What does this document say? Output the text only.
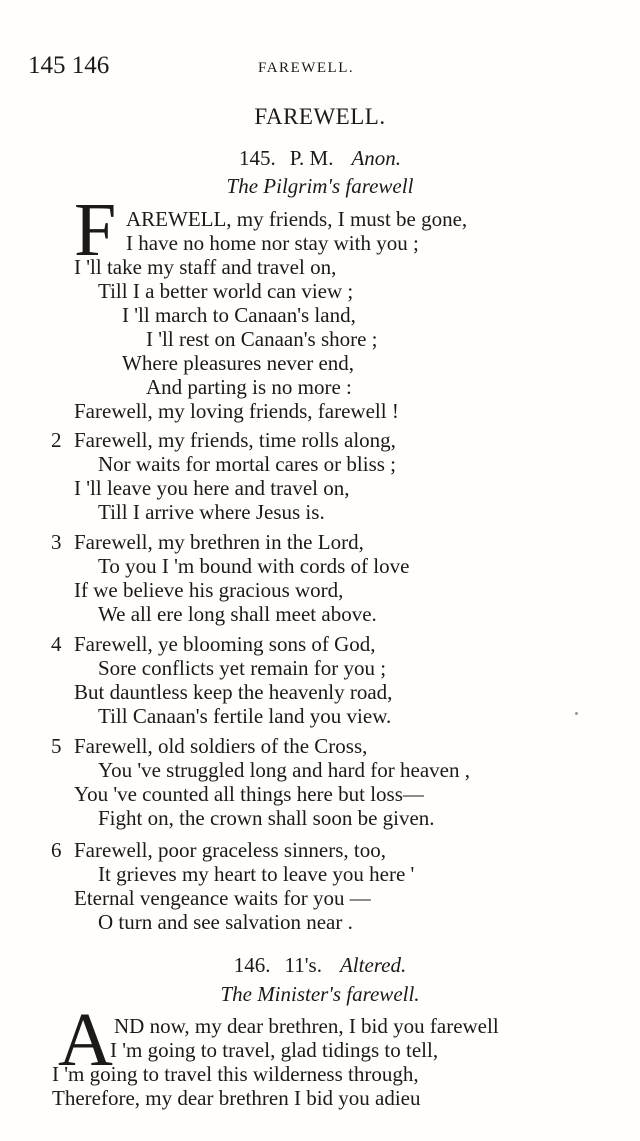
145 146	FAREWELL.
FAREWELL.
145. P. M. Anon.
The Pilgrim's farewell
F AREWELL, my friends, I must be gone,
I have no home nor stay with you ;
I 'll take my staff and travel on,
Till I a better world can view ;
I 'll march to Canaan's land,
I 'll rest on Canaan's shore ;
Where pleasures never end,
And parting is no more :
Farewell, my loving friends, farewell !
2 Farewell, my friends, time rolls along,
Nor waits for mortal cares or bliss ;
I 'll leave you here and travel on,
Till I arrive where Jesus is.
3 Farewell, my brethren in the Lord,
To you I 'm bound with cords of love
If we believe his gracious word,
We all ere long shall meet above.
4 Farewell, ye blooming sons of God,
Sore conflicts yet remain for you ;
But dauntless keep the heavenly road,
Till Canaan's fertile land you view.
5 Farewell, old soldiers of the Cross,
You 've struggled long and hard for heaven ,
You 've counted all things here but loss—
Fight on, the crown shall soon be given.
6 Farewell, poor graceless sinners, too,
It grieves my heart to leave you here '
Eternal vengeance waits for you —
O turn and see salvation near .
146. 11's. Altered.
The Minister's farewell.
A ND now, my dear brethren, I bid you farewell
I 'm going to travel, glad tidings to tell,
I 'm going to travel this wilderness through,
Therefore, my dear brethren I bid you adieu
